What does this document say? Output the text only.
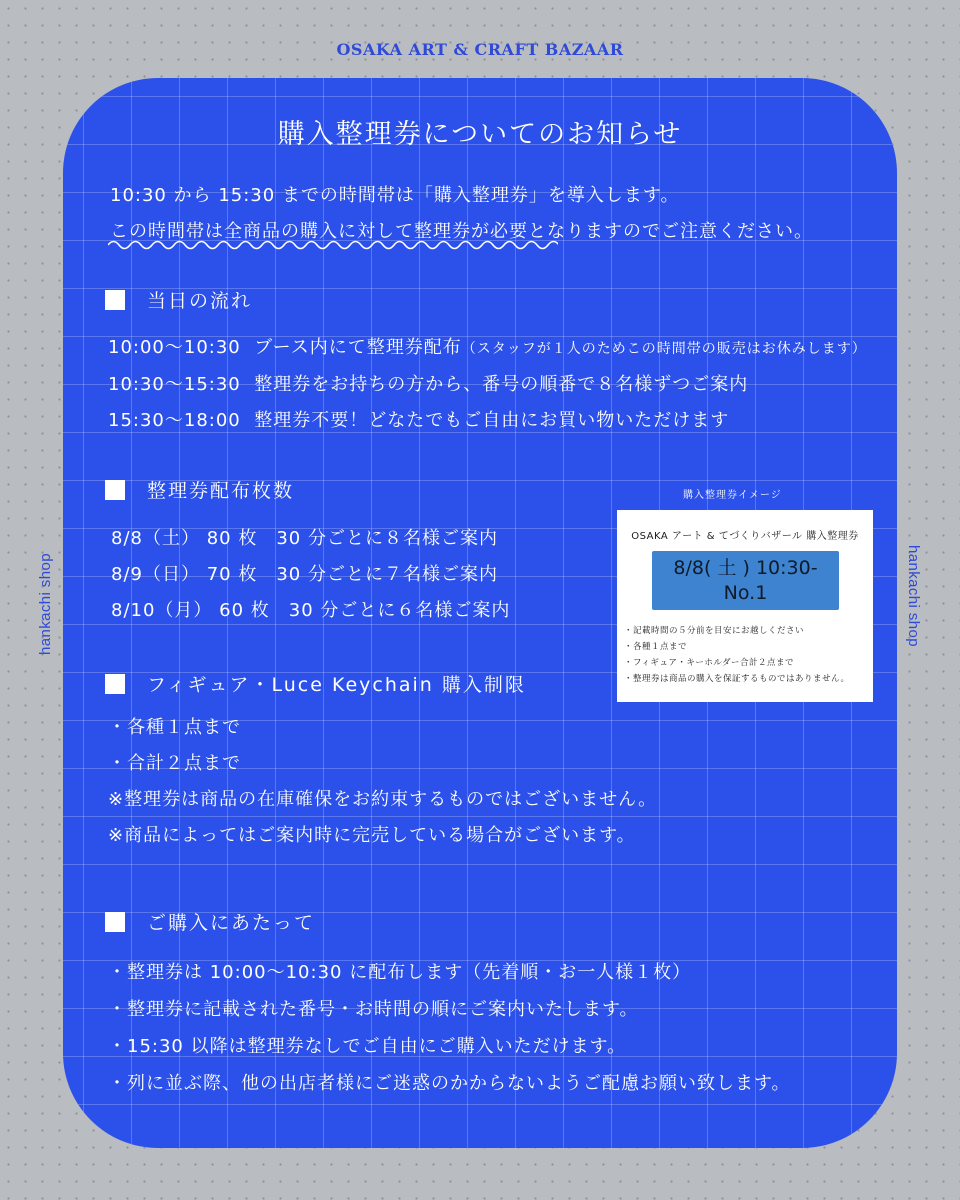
OSAKA ART & CRAFT BAZAAR
hankachi shop	hankachi shop
購入整理券についてのお知らせ
10:30 から 15:30 までの時間帯は「購入整理券」を導入します。
この時間帯は全商品の購入に対して整理券が必要となりますのでご注意ください。
当日の流れ
10:00〜10:30 ブース内にて整理券配布（スタッフが１人のためこの時間帯の販売はお休みします）
10:30〜15:30 整理券をお持ちの方から、番号の順番で８名様ずつご案内
15:30〜18:00 整理券不要！どなたでもご自由にお買い物いただけます
整理券配布枚数
8/8（土） 80 枚　30 分ごとに８名様ご案内
8/9（日） 70 枚　30 分ごとに７名様ご案内
8/10（月） 60 枚　30 分ごとに６名様ご案内
購入整理券イメージ
OSAKA アート & てづくりバザール 購入整理券
8/8( 土 ) 10:30-
No.1
・記載時間の５分前を目安にお越しください
・各種１点まで
・フィギュア・キーホルダー合計２点まで
・整理券は商品の購入を保証するものではありません。
フィギュア・Luce Keychain 購入制限
・各種１点まで
・合計２点まで
※整理券は商品の在庫確保をお約束するものではございません。
※商品によってはご案内時に完売している場合がございます。
ご購入にあたって
・整理券は 10:00〜10:30 に配布します（先着順・お一人様１枚）
・整理券に記載された番号・お時間の順にご案内いたします。
・15:30 以降は整理券なしでご自由にご購入いただけます。
・列に並ぶ際、他の出店者様にご迷惑のかからないようご配慮お願い致します。
